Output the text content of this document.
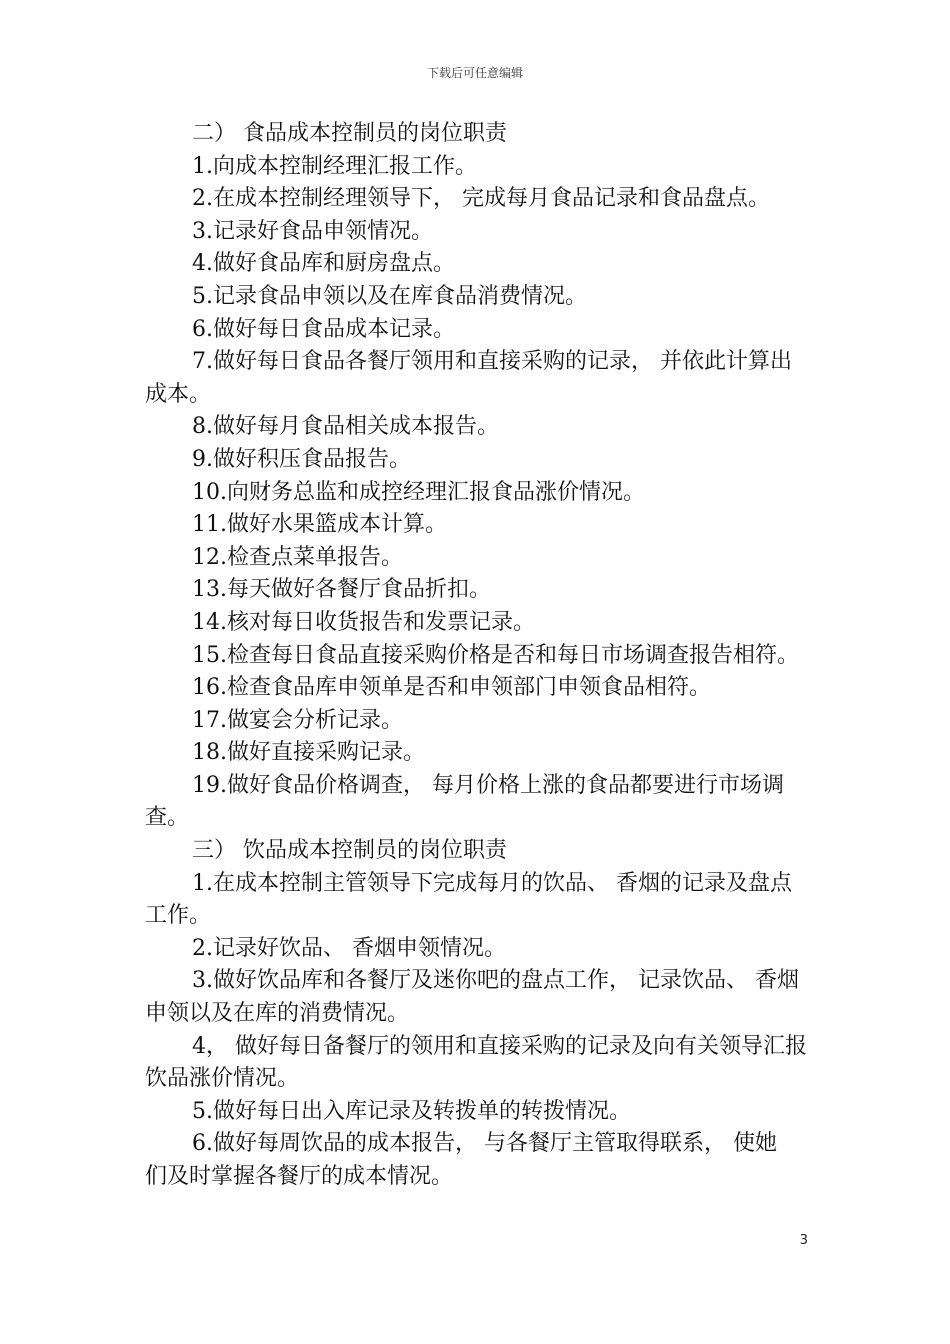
下载后可任意编辑

二） 食品成本控制员的岗位职责

1.向成本控制经理汇报工作。

2.在成本控制经理领导下， 完成每月食品记录和食品盘点。

3.记录好食品申领情况。

4.做好食品库和厨房盘点。

5.记录食品申领以及在库食品消费情况。

6.做好每日食品成本记录。

7.做好每日食品各餐厅领用和直接采购的记录， 并依此计算出成本。

8.做好每月食品相关成本报告。

9.做好积压食品报告。

10.向财务总监和成控经理汇报食品涨价情况。

11.做好水果篮成本计算。

12.检查点菜单报告。

13.每天做好各餐厅食品折扣。

14.核对每日收货报告和发票记录。

15.检查每日食品直接采购价格是否和每日市场调查报告相符。

16.检查食品库申领单是否和申领部门申领食品相符。

17.做宴会分析记录。

18.做好直接采购记录。

19.做好食品价格调查， 每月价格上涨的食品都要进行市场调查。

三） 饮品成本控制员的岗位职责

1.在成本控制主管领导下完成每月的饮品、 香烟的记录及盘点工作。

2.记录好饮品、 香烟申领情况。

3.做好饮品库和各餐厅及迷你吧的盘点工作， 记录饮品、 香烟申领以及在库的消费情况。

4， 做好每日备餐厅的领用和直接采购的记录及向有关领导汇报饮品涨价情况。

5.做好每日出入库记录及转拨单的转拨情况。

6.做好每周饮品的成本报告， 与各餐厅主管取得联系， 使她们及时掌握各餐厅的成本情况。

3
